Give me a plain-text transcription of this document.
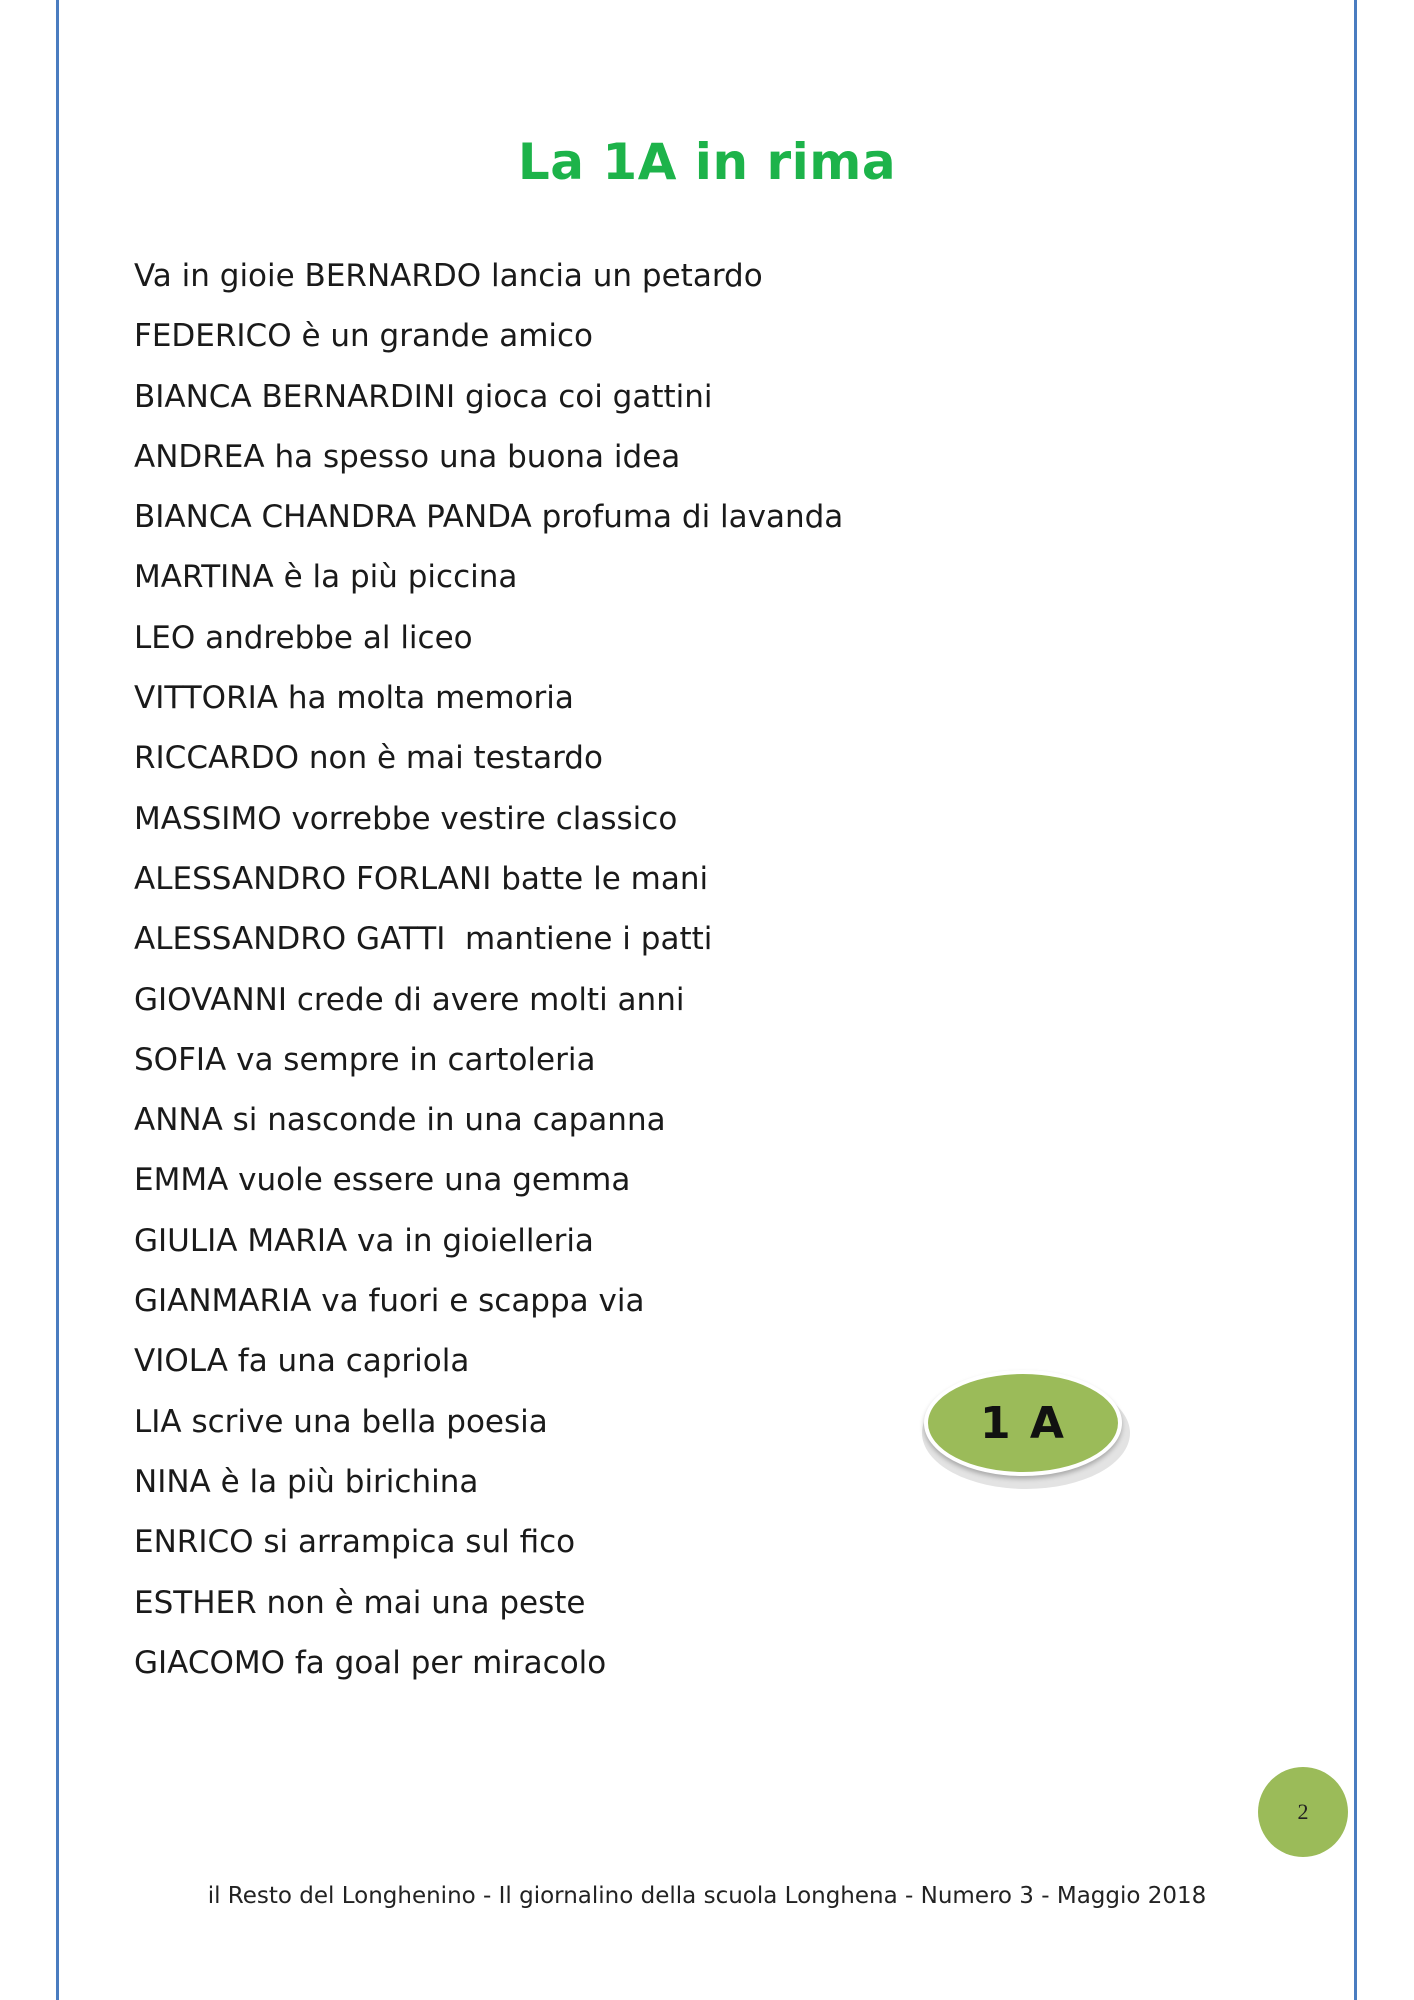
La 1A in rima
Va in gioie BERNARDO lancia un petardo
FEDERICO è un grande amico
BIANCA BERNARDINI gioca coi gattini
ANDREA ha spesso una buona idea
BIANCA CHANDRA PANDA profuma di lavanda
MARTINA è la più piccina
LEO andrebbe al liceo
VITTORIA ha molta memoria
RICCARDO non è mai testardo
MASSIMO vorrebbe vestire classico
ALESSANDRO FORLANI batte le mani
ALESSANDRO GATTI  mantiene i patti
GIOVANNI crede di avere molti anni
SOFIA va sempre in cartoleria
ANNA si nasconde in una capanna
EMMA vuole essere una gemma
GIULIA MARIA va in gioielleria
GIANMARIA va fuori e scappa via
VIOLA fa una capriola
LIA scrive una bella poesia
NINA è la più birichina
ENRICO si arrampica sul fico
ESTHER non è mai una peste
GIACOMO fa goal per miracolo
1 A
2
il Resto del Longhenino - Il giornalino della scuola Longhena - Numero 3 - Maggio 2018
